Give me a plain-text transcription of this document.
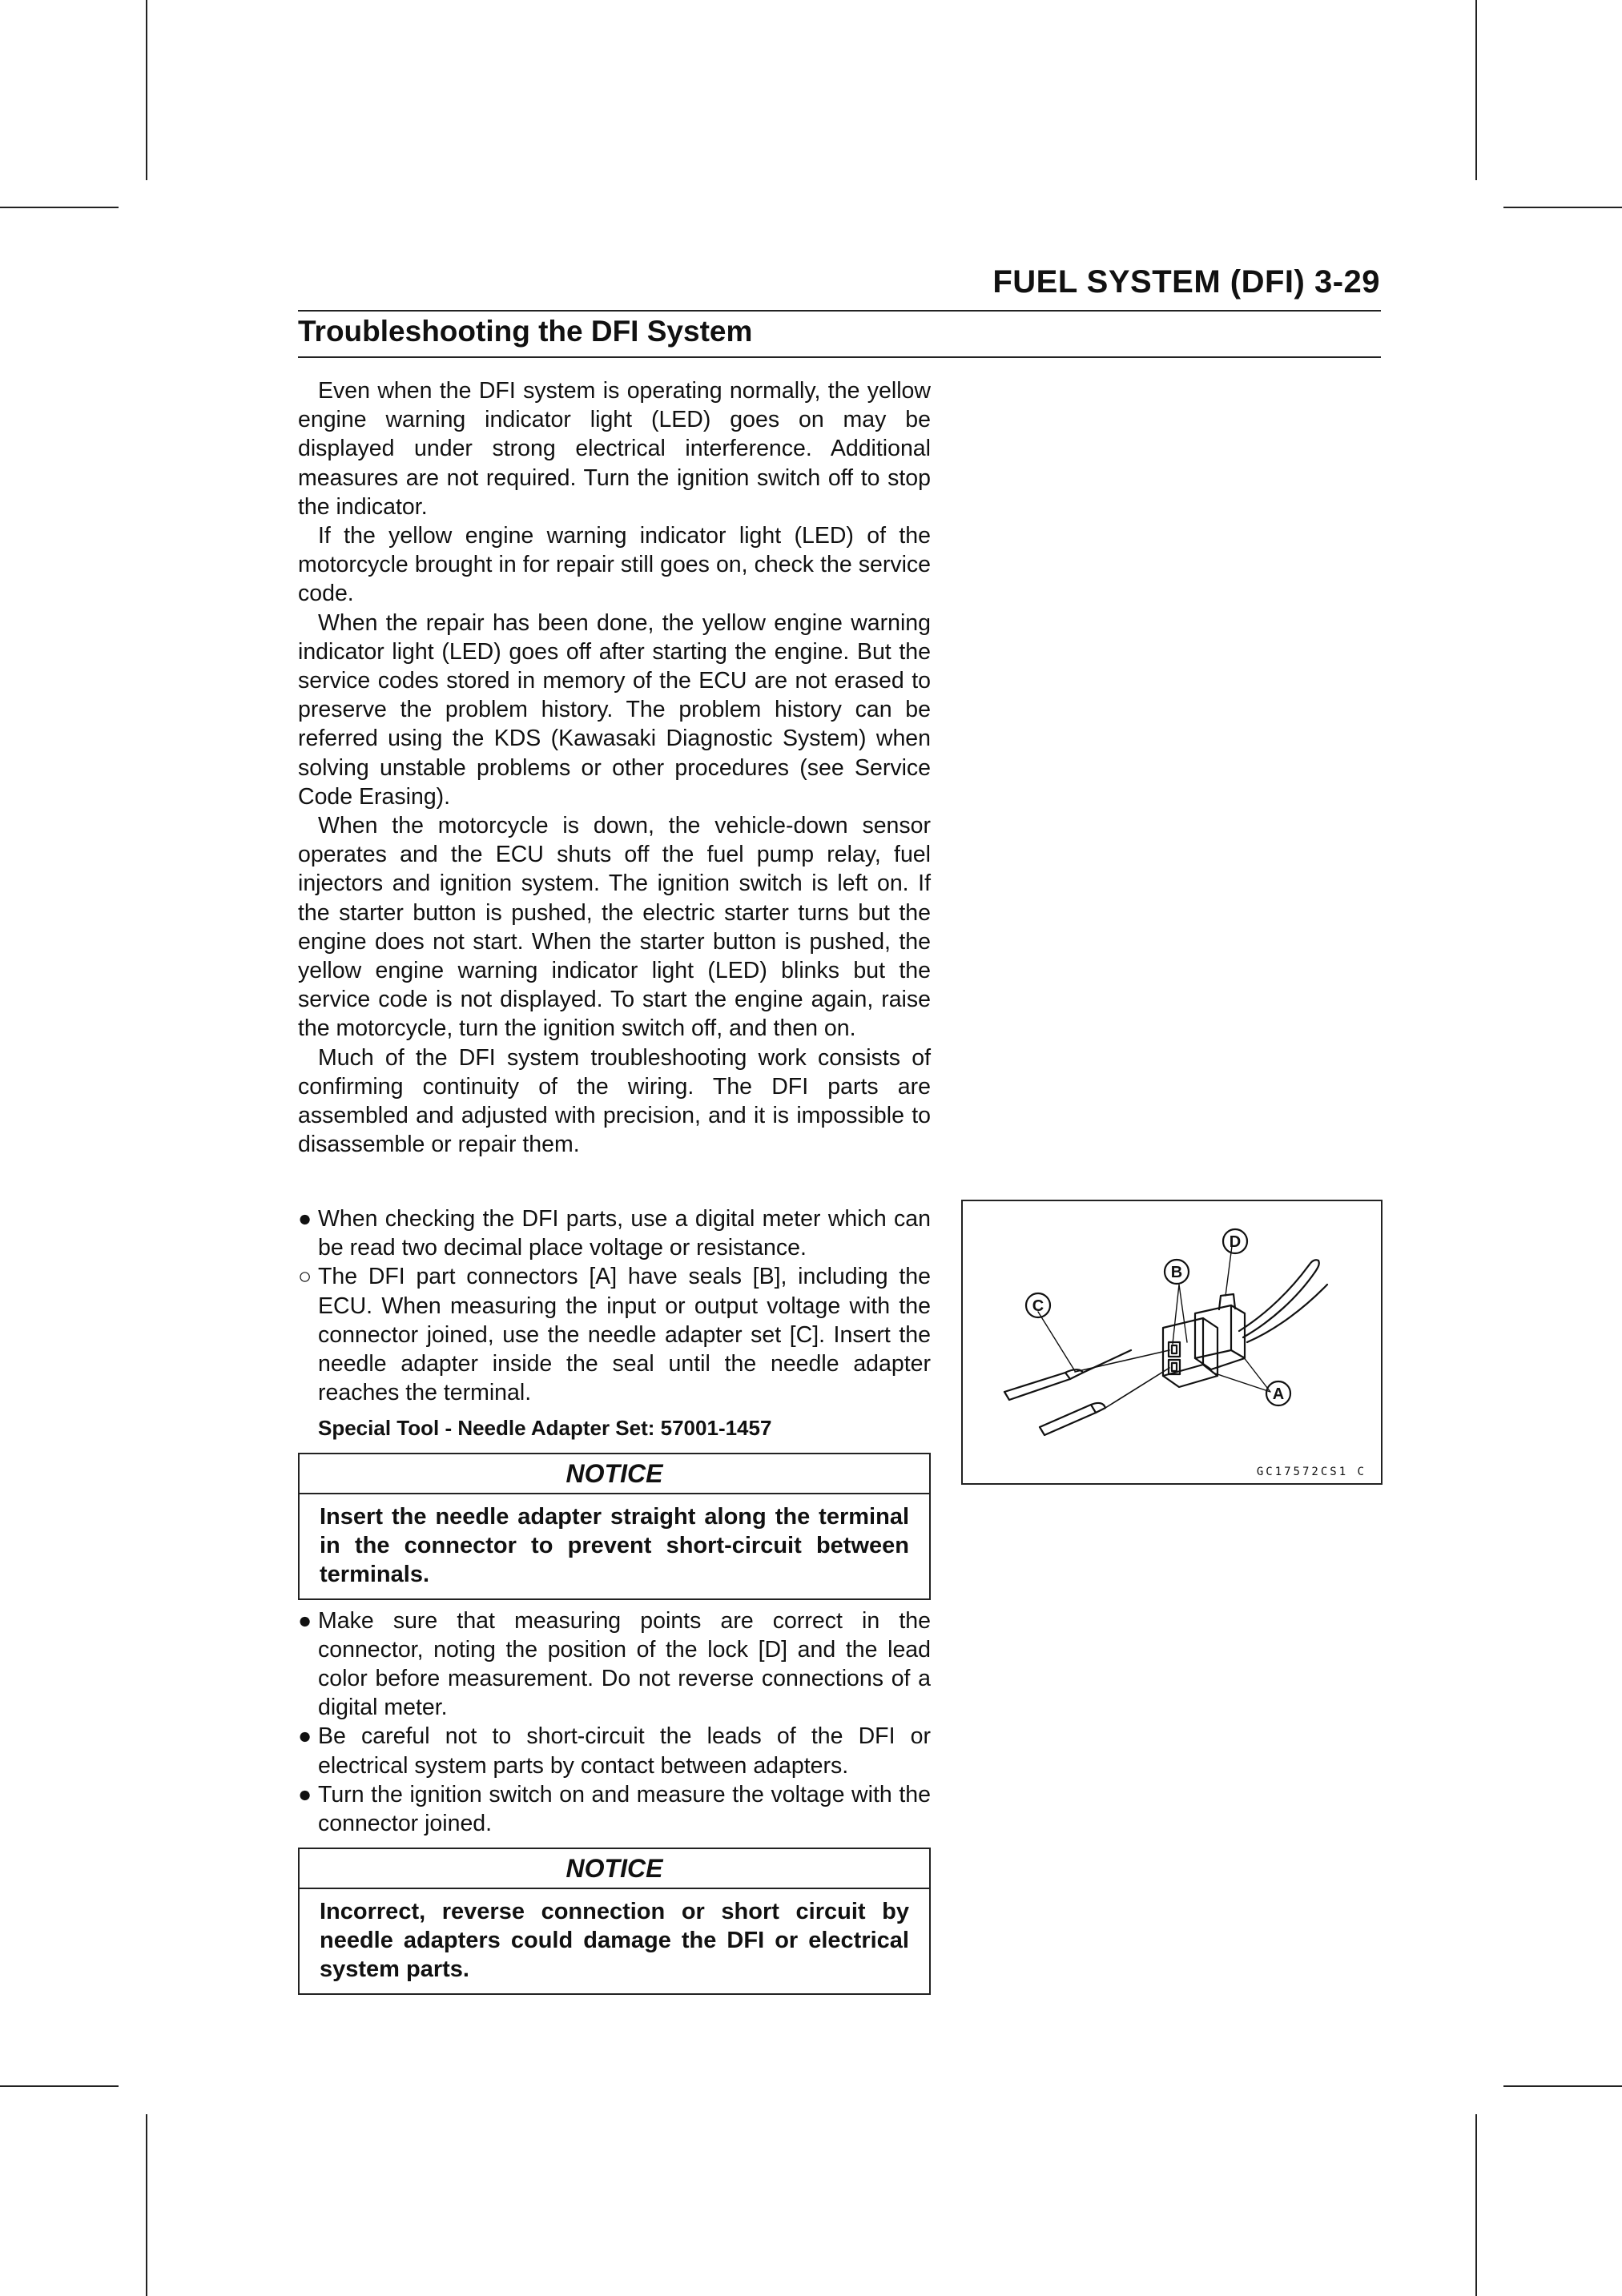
FUEL SYSTEM (DFI) 3-29
Troubleshooting the DFI System

Even when the DFI system is operating normally, the yellow engine warning indicator light (LED) goes on may be displayed under strong electrical interference. Additional measures are not required. Turn the ignition switch off to stop the indicator.

If the yellow engine warning indicator light (LED) of the motorcycle brought in for repair still goes on, check the service code.

When the repair has been done, the yellow engine warning indicator light (LED) goes off after starting the engine. But the service codes stored in memory of the ECU are not erased to preserve the problem history. The problem history can be referred using the KDS (Kawasaki Diagnostic System) when solving unstable problems or other procedures (see Service Code Erasing).

When the motorcycle is down, the vehicle-down sensor operates and the ECU shuts off the fuel pump relay, fuel injectors and ignition system. The ignition switch is left on. If the starter button is pushed, the electric starter turns but the engine does not start. When the starter button is pushed, the yellow engine warning indicator light (LED) blinks but the service code is not displayed. To start the engine again, raise the motorcycle, turn the ignition switch off, and then on.

Much of the DFI system troubleshooting work consists of confirming continuity of the wiring. The DFI parts are assembled and adjusted with precision, and it is impossible to disassemble or repair them.

● When checking the DFI parts, use a digital meter which can be read two decimal place voltage or resistance.
○ The DFI part connectors [A] have seals [B], including the ECU. When measuring the input or output voltage with the connector joined, use the needle adapter set [C]. Insert the needle adapter inside the seal until the needle adapter reaches the terminal.
Special Tool - Needle Adapter Set: 57001-1457
NOTICE
Insert the needle adapter straight along the terminal in the connector to prevent short-circuit between terminals.
● Make sure that measuring points are correct in the connector, noting the position of the lock [D] and the lead color before measurement. Do not reverse connections of a digital meter.
● Be careful not to short-circuit the leads of the DFI or electrical system parts by contact between adapters.
● Turn the ignition switch on and measure the voltage with the connector joined.
NOTICE
Incorrect, reverse connection or short circuit by needle adapters could damage the DFI or electrical system parts.
D
B
C
A
GC17572CS1 C
